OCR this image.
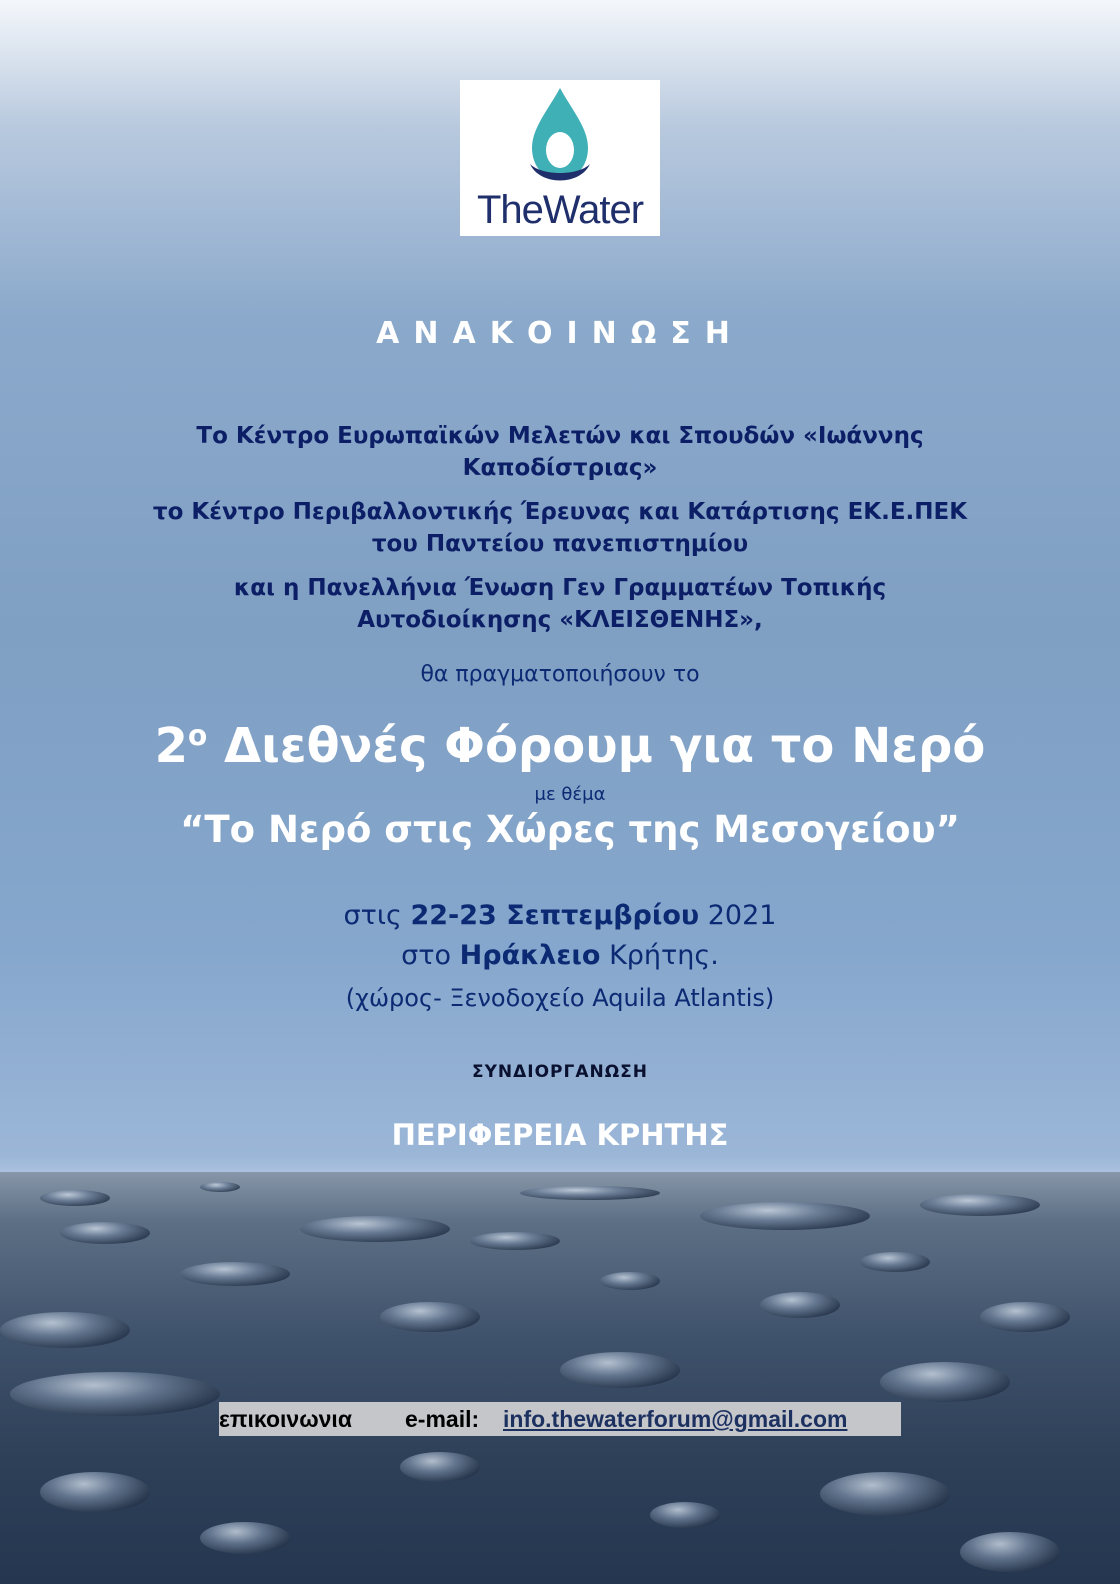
TheWater
ΑΝΑΚΟΙΝΩΣΗ
Το Κέντρο Ευρωπαϊκών Μελετών και Σπουδών «Ιωάννης Καποδίστριας»
το Κέντρο Περιβαλλοντικής Έρευνας και Κατάρτισης ΕΚ.Ε.ΠΕΚ του Παντείου πανεπιστημίου
και η Πανελλήνια Ένωση Γεν Γραμματέων Τοπικής Αυτοδιοίκησης «ΚΛΕΙΣΘΕΝΗΣ»,
θα πραγματοποιήσουν το
$2^o$ Διεθνές Φόρουμ για το Νερό
με θέμα
“Το Νερό στις Χώρες της Μεσογείου”
στις 22-23 Σεπτεμβρίου 2021
στο Ηράκλειο Κρήτης.
(χώρος- Ξενοδοχείο Aquila Atlantis)
ΣΥΝΔΙΟΡΓΑΝΩΣΗ
ΠΕΡΙΦΕΡΕΙΑ ΚΡΗΤΗΣ
επικοινωνια e-mail: info.thewaterforum@gmail.com
